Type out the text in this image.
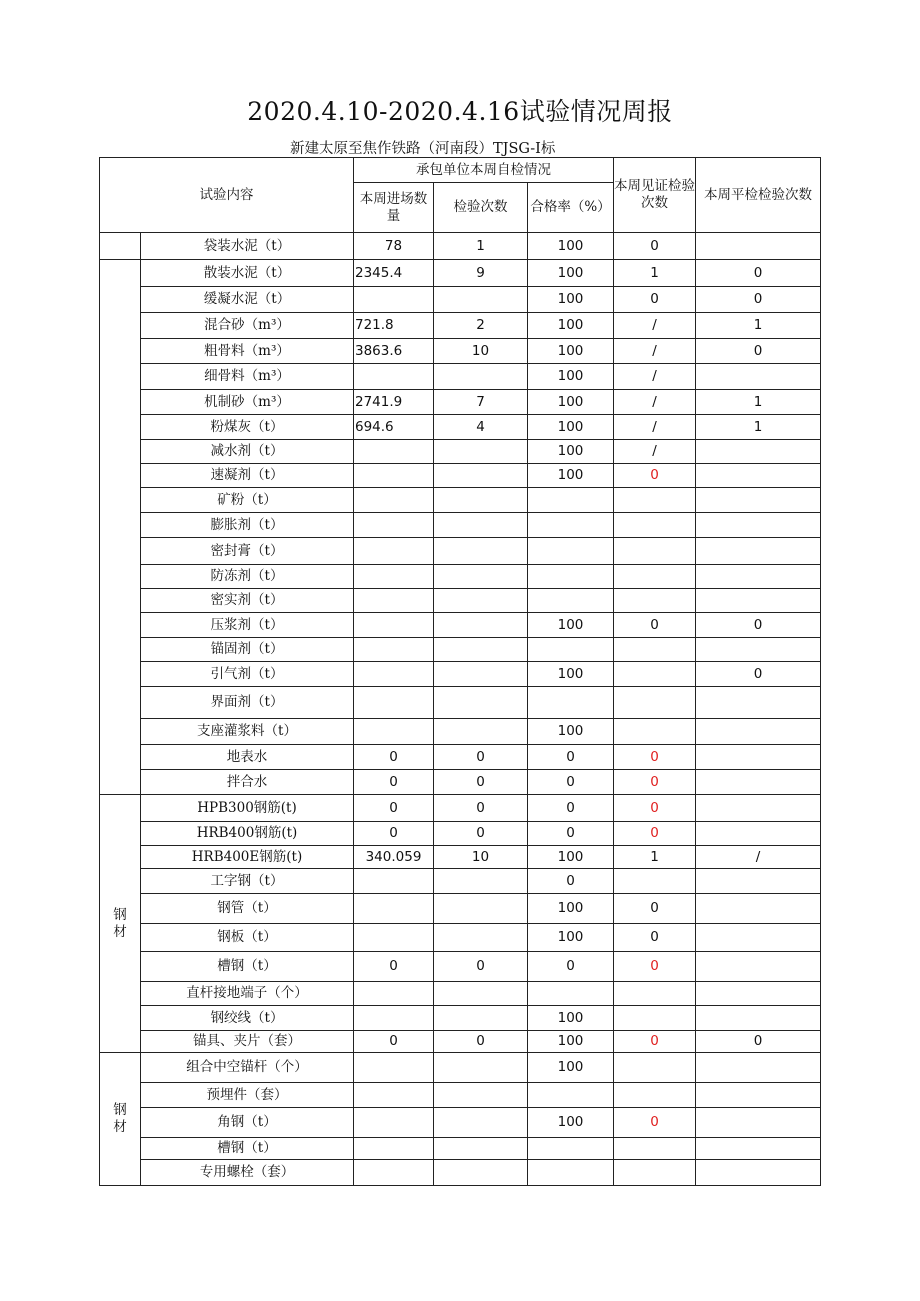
2020.4.10-2020.4.16试验情况周报
新建太原至焦作铁路（河南段）TJSG-Ⅰ标
试验内容		承包单位本周自检情况			本周见证检验次数	本周平检检验次数
		本周进场数量	检验次数	合格率（%）		
	袋装水泥（t）	78	1	100	0	
	散装水泥（t）	2345.4	9	100	1	0
	缓凝水泥（t）			100	0	0
	混合砂（m³）	721.8	2	100	/	1
	粗骨料（m³）	3863.6	10	100	/	0
	细骨料（m³）			100	/	
	机制砂（m³）	2741.9	7	100	/	1
	粉煤灰（t）	694.6	4	100	/	1
	减水剂（t）			100	/	
	速凝剂（t）			100	0	
	矿粉（t）					
	膨胀剂（t）					
	密封膏（t）					
	防冻剂（t）					
	密实剂（t）					
	压浆剂（t）			100	0	0
	锚固剂（t）					
	引气剂（t）			100		0
	界面剂（t）					
	支座灌浆料（t）			100		
	地表水	0	0	0	0	
	拌合水	0	0	0	0	
钢材	HPB300钢筋(t)	0	0	0	0	
	HRB400钢筋(t)	0	0	0	0	
	HRB400E钢筋(t)	340.059	10	100	1	/
	工字钢（t）			0		
	钢管（t）			100	0	
	钢板（t）			100	0	
	槽钢（t）	0	0	0	0	
	直杆接地端子（个）					
	钢绞线（t）			100		
	锚具、夹片（套）	0	0	100	0	0
钢材	组合中空锚杆（个）			100		
	预埋件（套）					
	角钢（t）			100	0	
	槽钢（t）					
	专用螺栓（套）					
